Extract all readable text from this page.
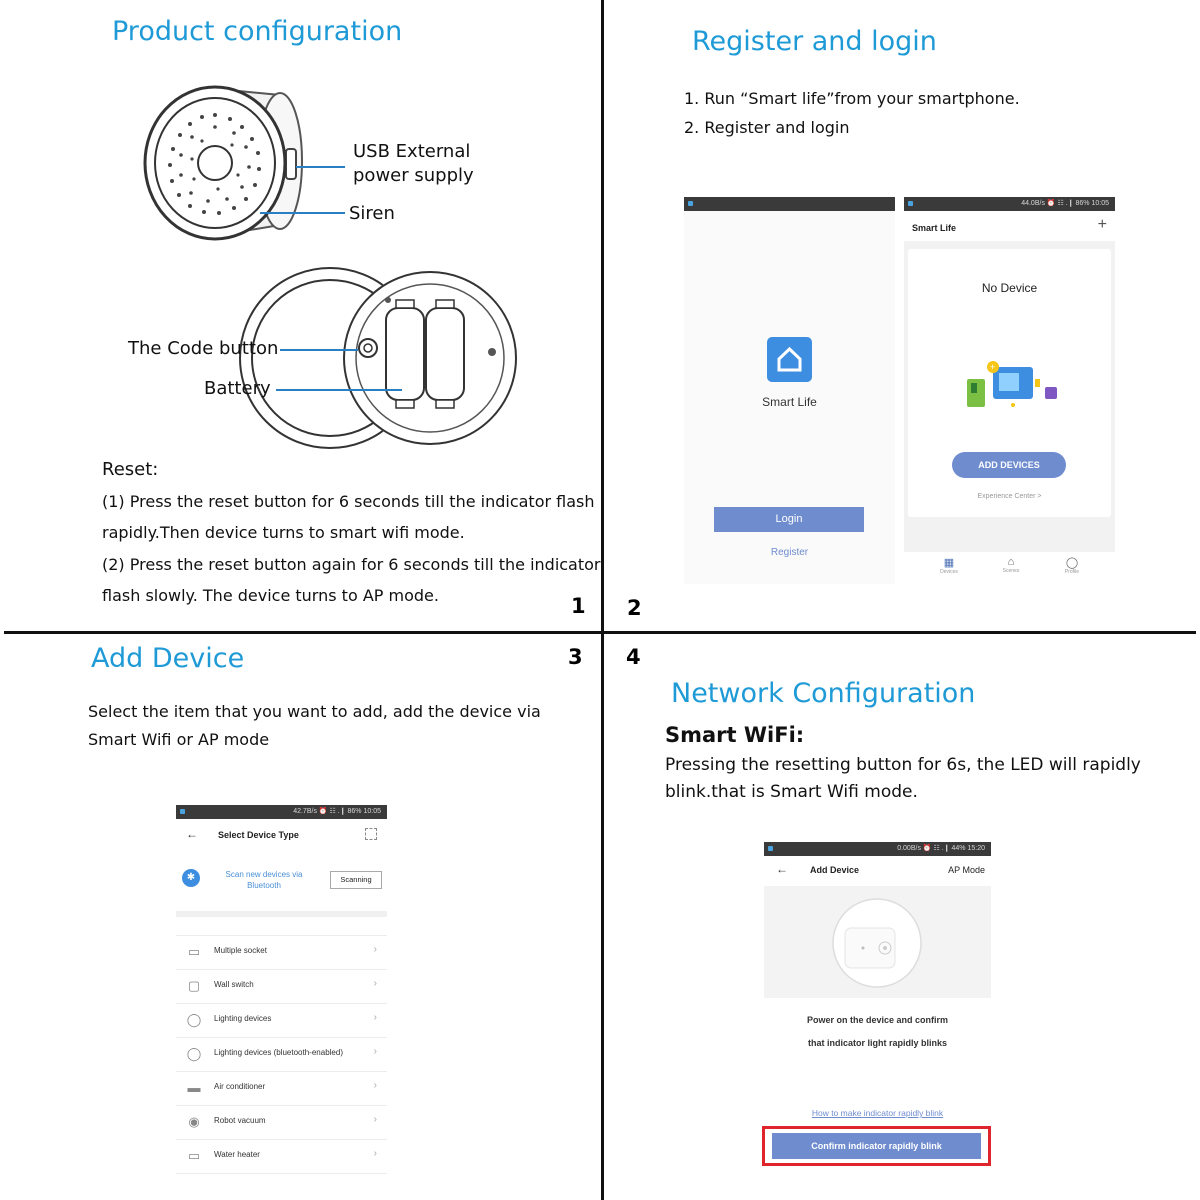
Product configuration
USB External
power supply
Siren
The Code button
Battery
Reset:
(1) Press the reset button for 6 seconds till the indicator flash
rapidly.Then device turns to smart wifi mode.
(2) Press the reset button again for 6 seconds till the indicator
flash slowly. The device turns to AP mode.	1
Register and login
1. Run “Smart life”from your smartphone.
2. Register and login
2
Smart Life
Login
Register
44.0B/s ⏰ ☷ .❙ 86% 10:05
Smart Life	+
No Device
+
ADD DEVICES
Experience Center >
▦
Devices
⌂
Scenes
◯
Profile
Add Device	3
Select the item that you want to add, add the device via
Smart Wifi or AP mode
42.7B/s ⏰ ☷ .❙ 86% 10:05
← Select Device Type
✱	Scan new devices via
Bluetooth
Scanning
▭ Multiple socket	›
▢ Wall switch	›
◯ Lighting devices	›
◯ Lighting devices (bluetooth-enabled)	›
▬ Air conditioner	›
◉ Robot vacuum	›
▭ Water heater	›
4
Network Configuration
Smart WiFi:
Pressing the resetting button for 6s, the LED will rapidly
blink.that is Smart Wifi mode.
0.00B/s ⏰ ☷ .❙ 44% 15:20
← Add Device	AP Mode
Power on the device and confirm
that indicator light rapidly blinks
How to make indicator rapidly blink
Confirm indicator rapidly blink
